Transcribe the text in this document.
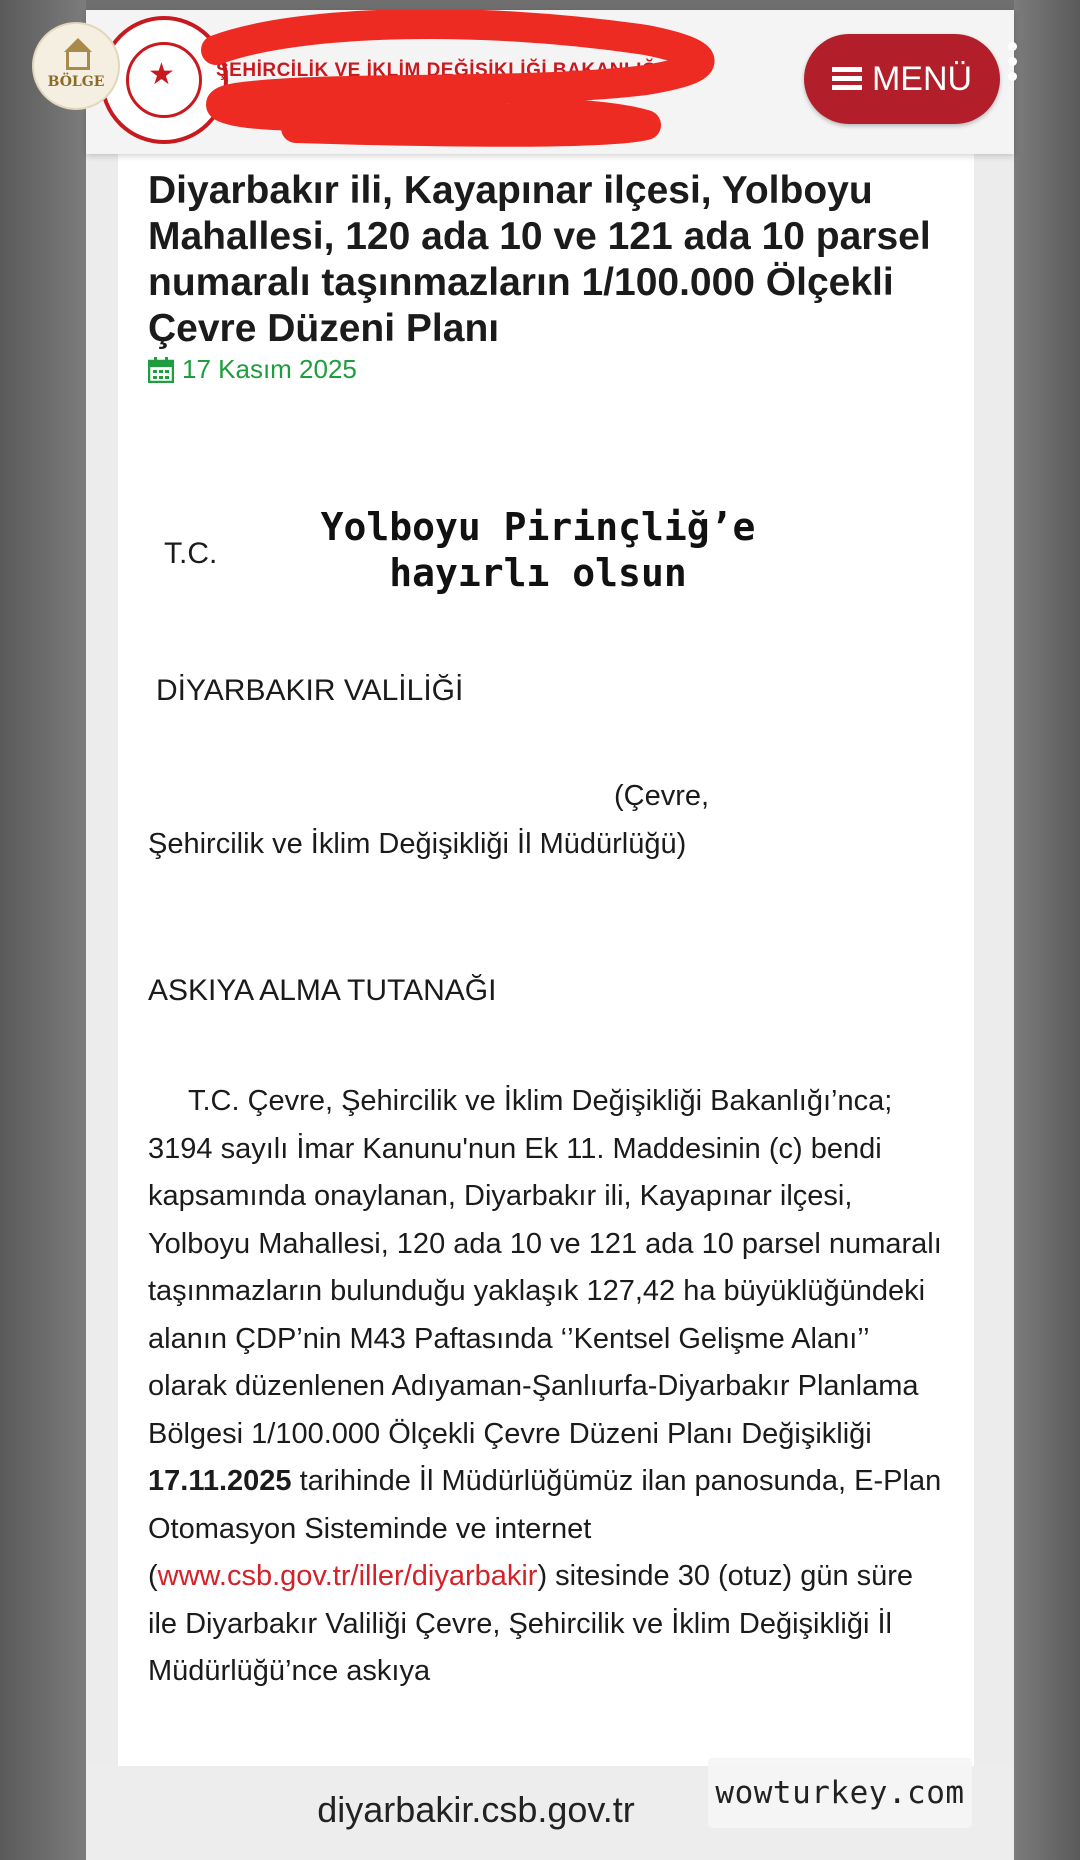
BÖLGE	★ ŞEHİRCİLİK VE İKLİM DEĞİŞİKLİĞİ BAKANLIĞI	MENÜ
Diyarbakır ili, Kayapınar ilçesi, Yolboyu Mahallesi, 120 ada 10 ve 121 ada 10 parsel numaralı taşınmazların 1/100.000 Ölçekli Çevre Düzeni Planı
17 Kasım 2025
T.C.
Yolboyu Pirinçliğ’e
hayırlı olsun
DİYARBAKIR VALİLİĞİ
(Çevre,
Şehircilik ve İklim Değişikliği İl Müdürlüğü)
ASKIYA ALMA TUTANAĞI

T.C. Çevre, Şehircilik ve İklim Değişikliği Bakanlığı’nca; 3194 sayılı İmar Kanunu'nun Ek 11. Maddesinin (c) bendi kapsamında onaylanan, Diyarbakır ili, Kayapınar ilçesi, Yolboyu Mahallesi, 120 ada 10 ve 121 ada 10 parsel numaralı taşınmazların bulunduğu yaklaşık 127,42 ha büyüklüğündeki alanın ÇDP’nin M43 Paftasında ‘’Kentsel Gelişme Alanı’’ olarak düzenlenen Adıyaman-Şanlıurfa-Diyarbakır Planlama Bölgesi 1/100.000 Ölçekli Çevre Düzeni Planı Değişikliği 17.11.2025 tarihinde İl Müdürlüğümüz ilan panosunda, E-Plan Otomasyon Sisteminde ve internet (www.csb.gov.tr/iller/diyarbakir) sitesinde 30 (otuz) gün süre ile Diyarbakır Valiliği Çevre, Şehircilik ve İklim Değişikliği İl Müdürlüğü’nce askıya

diyarbakir.csb.gov.tr	wowturkey.com
